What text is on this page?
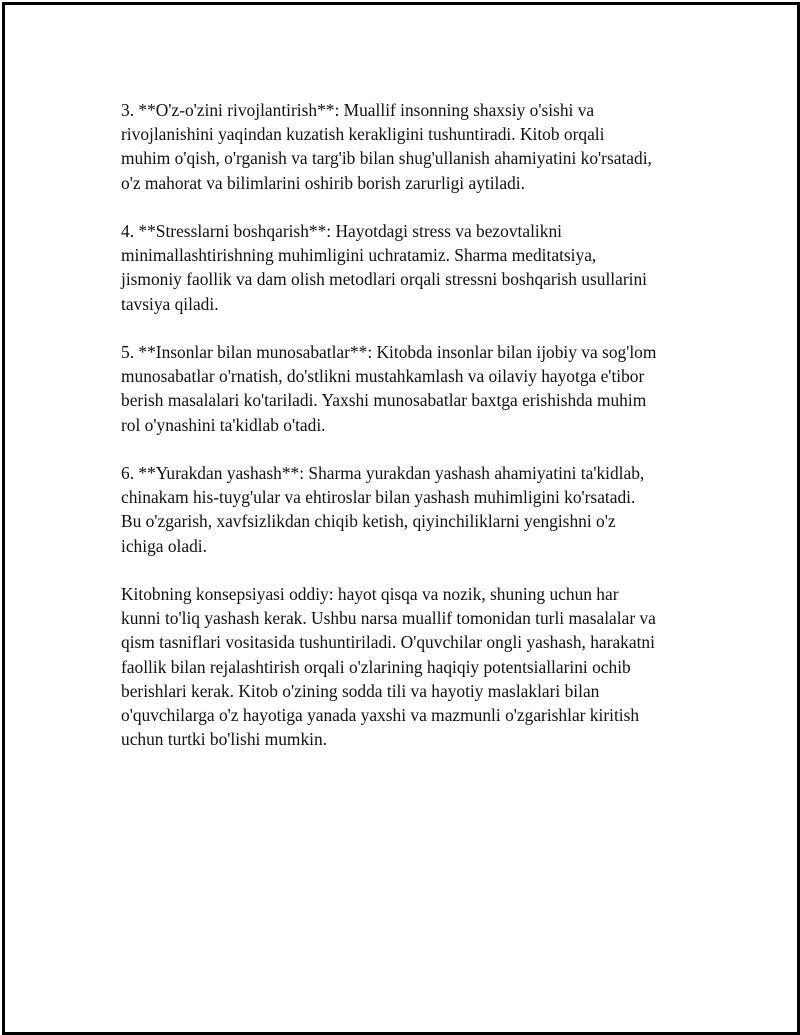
3. **O'z-o'zini rivojlantirish**: Muallif insonning shaxsiy o'sishi va
rivojlanishini yaqindan kuzatish kerakligini tushuntiradi. Kitob orqali
muhim o'qish, o'rganish va targ'ib bilan shug'ullanish ahamiyatini ko'rsatadi,
o'z mahorat va bilimlarini oshirib borish zarurligi aytiladi.

4. **Stresslarni boshqarish**: Hayotdagi stress va bezovtalikni
minimallashtirishning muhimligini uchratamiz. Sharma meditatsiya,
jismoniy faollik va dam olish metodlari orqali stressni boshqarish usullarini
tavsiya qiladi.

5. **Insonlar bilan munosabatlar**: Kitobda insonlar bilan ijobiy va sog'lom
munosabatlar o'rnatish, do'stlikni mustahkamlash va oilaviy hayotga e'tibor
berish masalalari ko'tariladi. Yaxshi munosabatlar baxtga erishishda muhim
rol o'ynashini ta'kidlab o'tadi.

6. **Yurakdan yashash**: Sharma yurakdan yashash ahamiyatini ta'kidlab,
chinakam his-tuyg'ular va ehtiroslar bilan yashash muhimligini ko'rsatadi.
Bu o'zgarish, xavfsizlikdan chiqib ketish, qiyinchiliklarni yengishni o'z
ichiga oladi.

Kitobning konsepsiyasi oddiy: hayot qisqa va nozik, shuning uchun har
kunni to'liq yashash kerak. Ushbu narsa muallif tomonidan turli masalalar va
qism tasniflari vositasida tushuntiriladi. O'quvchilar ongli yashash, harakatni
faollik bilan rejalashtirish orqali o'zlarining haqiqiy potentsiallarini ochib
berishlari kerak. Kitob o'zining sodda tili va hayotiy maslaklari bilan
o'quvchilarga o'z hayotiga yanada yaxshi va mazmunli o'zgarishlar kiritish
uchun turtki bo'lishi mumkin.
